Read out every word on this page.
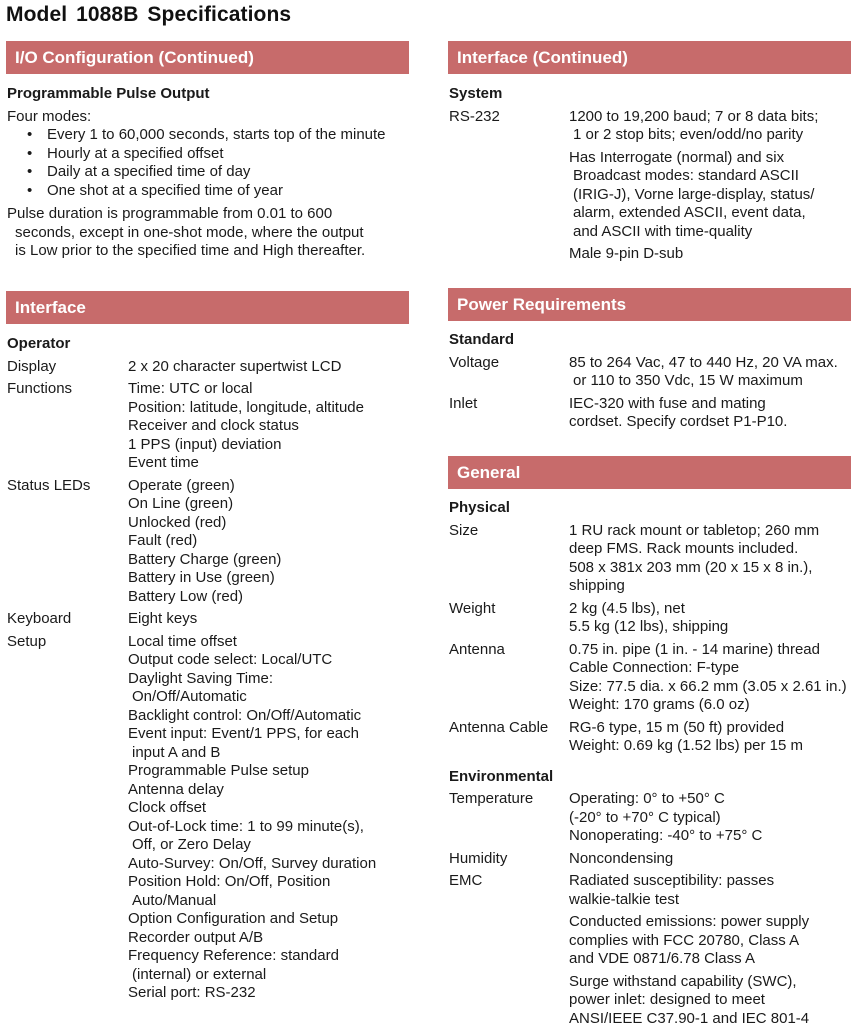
Model 1088B Specifications
I/O Configuration (Continued)
Programmable Pulse Output
Four modes:
• Every 1 to 60,000 seconds, starts top of the minute
• Hourly at a specified offset
• Daily at a specified time of day
• One shot at a specified time of year
Pulse duration is programmable from 0.01 to 600
seconds, except in one-shot mode, where the output
is Low prior to the specified time and High thereafter.
Interface
Operator
Display	2 x 20 character supertwist LCD
Functions	Time: UTC or local
Position: latitude, longitude, altitude
Receiver and clock status
1 PPS (input) deviation
Event time
Status LEDs	Operate (green)
On Line (green)
Unlocked (red)
Fault (red)
Battery Charge (green)
Battery in Use (green)
Battery Low (red)
Keyboard	Eight keys
Setup	Local time offset
Output code select: Local/UTC
Daylight Saving Time:
On/Off/Automatic
Backlight control: On/Off/Automatic
Event input: Event/1 PPS, for each
input A and B
Programmable Pulse setup
Antenna delay
Clock offset
Out-of-Lock time: 1 to 99 minute(s),
Off, or Zero Delay
Auto-Survey: On/Off, Survey duration
Position Hold: On/Off, Position
Auto/Manual
Option Configuration and Setup
Recorder output A/B
Frequency Reference: standard
(internal) or external
Serial port: RS-232
Interface (Continued)
System
RS-232	1200 to 19,200 baud; 7 or 8 data bits;
1 or 2 stop bits; even/odd/no parity
Has Interrogate (normal) and six
Broadcast modes: standard ASCII
(IRIG-J), Vorne large-display, status/
alarm, extended ASCII, event data,
and ASCII with time-quality
Male 9-pin D-sub
Power Requirements
Standard
Voltage	85 to 264 Vac, 47 to 440 Hz, 20 VA max.
or 110 to 350 Vdc, 15 W maximum
Inlet	IEC-320 with fuse and mating
cordset. Specify cordset P1-P10.
General
Physical
Size	1 RU rack mount or tabletop; 260 mm
deep FMS. Rack mounts included.
508 x 381x 203 mm (20 x 15 x 8 in.), shipping
Weight	2 kg (4.5 lbs), net
5.5 kg (12 lbs), shipping
Antenna	0.75 in. pipe (1 in. - 14 marine) thread
Cable Connection: F-type
Size: 77.5 dia. x 66.2 mm (3.05 x 2.61 in.)
Weight: 170 grams (6.0 oz)
Antenna Cable	RG-6 type, 15 m (50 ft) provided
Weight: 0.69 kg (1.52 lbs) per 15 m
Environmental
Temperature	Operating: 0° to +50° C
(-20° to +70° C typical)
Nonoperating: -40° to +75° C
Humidity	Noncondensing
EMC	Radiated susceptibility: passes
walkie-talkie test
Conducted emissions: power supply
complies with FCC 20780, Class A
and VDE 0871/6.78 Class A
Surge withstand capability (SWC),
power inlet: designed to meet
ANSI/IEEE C37.90-1 and IEC 801-4
